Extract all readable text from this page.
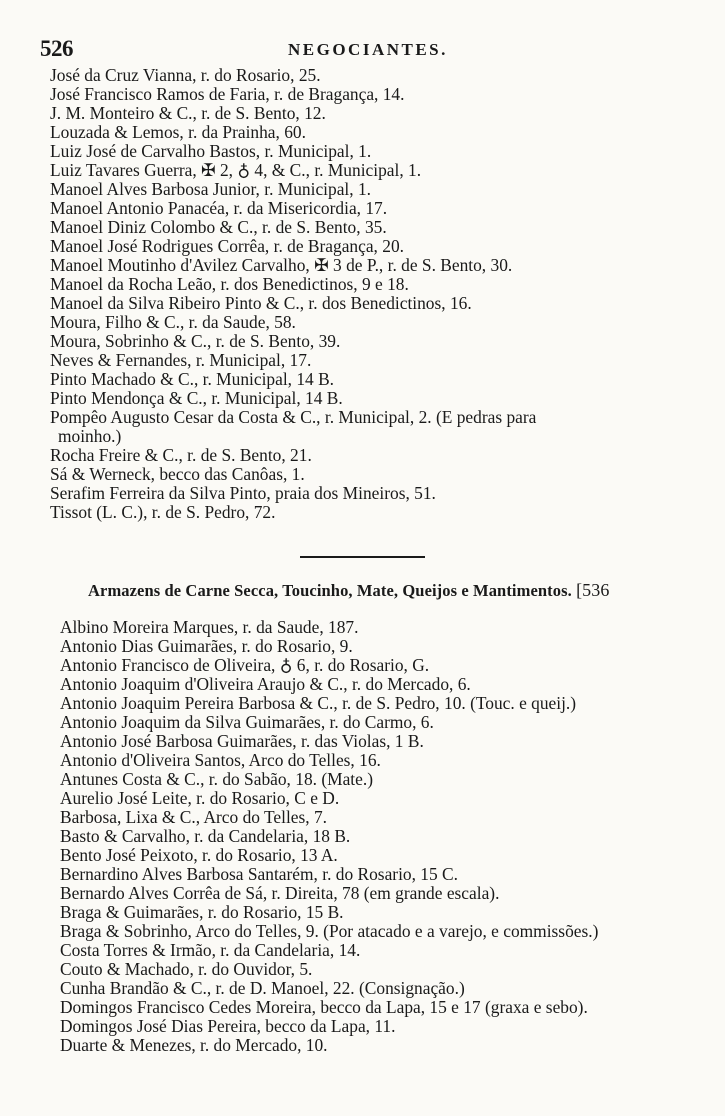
526	NEGOCIANTES.
José da Cruz Vianna, r. do Rosario, 25.
José Francisco Ramos de Faria, r. de Bragança, 14.
J. M. Monteiro & C., r. de S. Bento, 12.
Louzada & Lemos, r. da Prainha, 60.
Luiz José de Carvalho Bastos, r. Municipal, 1.
Luiz Tavares Guerra, ✠ 2, ♁ 4, & C., r. Municipal, 1.
Manoel Alves Barbosa Junior, r. Municipal, 1.
Manoel Antonio Panacéa, r. da Misericordia, 17.
Manoel Diniz Colombo & C., r. de S. Bento, 35.
Manoel José Rodrigues Corrêa, r. de Bragança, 20.
Manoel Moutinho d'Avilez Carvalho, ✠ 3 de P., r. de S. Bento, 30.
Manoel da Rocha Leão, r. dos Benedictinos, 9 e 18.
Manoel da Silva Ribeiro Pinto & C., r. dos Benedictinos, 16.
Moura, Filho & C., r. da Saude, 58.
Moura, Sobrinho & C., r. de S. Bento, 39.
Neves & Fernandes, r. Municipal, 17.
Pinto Machado & C., r. Municipal, 14 B.
Pinto Mendonça & C., r. Municipal, 14 B.
Pompêo Augusto Cesar da Costa & C., r. Municipal, 2. (E pedras para
moinho.)
Rocha Freire & C., r. de S. Bento, 21.
Sá & Werneck, becco das Canôas, 1.
Serafim Ferreira da Silva Pinto, praia dos Mineiros, 51.
Tissot (L. C.), r. de S. Pedro, 72.
Armazens de Carne Secca, Toucinho, Mate, Queijos e Mantimentos. [536
Albino Moreira Marques, r. da Saude, 187.
Antonio Dias Guimarães, r. do Rosario, 9.
Antonio Francisco de Oliveira, ♁ 6, r. do Rosario, G.
Antonio Joaquim d'Oliveira Araujo & C., r. do Mercado, 6.
Antonio Joaquim Pereira Barbosa & C., r. de S. Pedro, 10. (Touc. e queij.)
Antonio Joaquim da Silva Guimarães, r. do Carmo, 6.
Antonio José Barbosa Guimarães, r. das Violas, 1 B.
Antonio d'Oliveira Santos, Arco do Telles, 16.
Antunes Costa & C., r. do Sabão, 18. (Mate.)
Aurelio José Leite, r. do Rosario, C e D.
Barbosa, Lixa & C., Arco do Telles, 7.
Basto & Carvalho, r. da Candelaria, 18 B.
Bento José Peixoto, r. do Rosario, 13 A.
Bernardino Alves Barbosa Santarém, r. do Rosario, 15 C.
Bernardo Alves Corrêa de Sá, r. Direita, 78 (em grande escala).
Braga & Guimarães, r. do Rosario, 15 B.
Braga & Sobrinho, Arco do Telles, 9. (Por atacado e a varejo, e commissões.)
Costa Torres & Irmão, r. da Candelaria, 14.
Couto & Machado, r. do Ouvidor, 5.
Cunha Brandão & C., r. de D. Manoel, 22. (Consignação.)
Domingos Francisco Cedes Moreira, becco da Lapa, 15 e 17 (graxa e sebo).
Domingos José Dias Pereira, becco da Lapa, 11.
Duarte & Menezes, r. do Mercado, 10.
